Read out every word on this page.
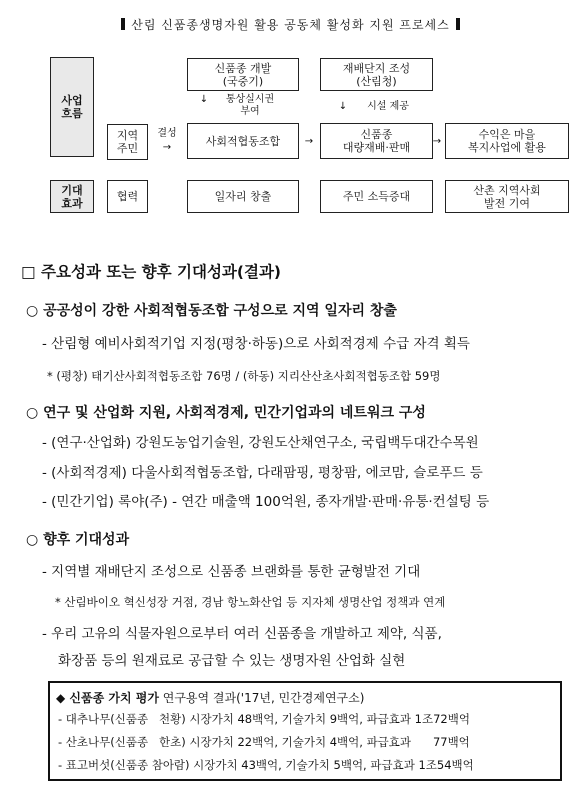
산림 신품종생명자원 활용 공동체 활성화 지원 프로세스
사업
흐름
기대
효과
지역
주민
결성
→
신품종 개발
(국중기)
↓	통상실시권
부여
사회적협동조합	→
재배단지 조성
(산림청)
↓	시설 제공
신품종
대량재배·판매	→
수익은 마을
복지사업에 활용
협력	일자리 창출	주민 소득증대	산촌 지역사회
발전 기여
□ 주요성과 또는 향후 기대성과(결과)
○ 공공성이 강한 사회적협동조합 구성으로 지역 일자리 창출
- 산림형 예비사회적기업 지정(평창·하동)으로 사회적경제 수급 자격 획득
* (평창) 태기산사회적협동조합 76명 / (하동) 지리산산초사회적협동조합 59명
○ 연구 및 산업화 지원, 사회적경제, 민간기업과의 네트워크 구성
- (연구·산업화) 강원도농업기술원, 강원도산채연구소, 국립백두대간수목원
- (사회적경제) 다울사회적협동조합, 다래팜핑, 평창팜, 에코맘, 슬로푸드 등
- (민간기업) 록야(주) - 연간 매출액 100억원, 종자개발·판매·유통·컨설팅 등
○ 향후 기대성과
- 지역별 재배단지 조성으로 신품종 브랜화를 통한 균형발전 기대
* 산림바이오 혁신성장 거점, 경남 항노화산업 등 지자체 생명산업 정책과 연계
- 우리 고유의 식물자원으로부터 여러 신품종을 개발하고 제약, 식품,
화장품 등의 원재료로 공급할 수 있는 생명자원 산업화 실현
◆ 신품종 가치 평가 연구용역 결과('17년, 민간경제연구소)
- 대추나무(신품종   천황) 시장가치 48백억, 기술가치 9백억, 파급효과 1조72백억
- 산초나무(신품종   한초) 시장가치 22백억, 기술가치 4백억, 파급효과      77백억
- 표고버섯(신품종 참아람) 시장가치 43백억, 기술가치 5백억, 파급효과 1조54백억
